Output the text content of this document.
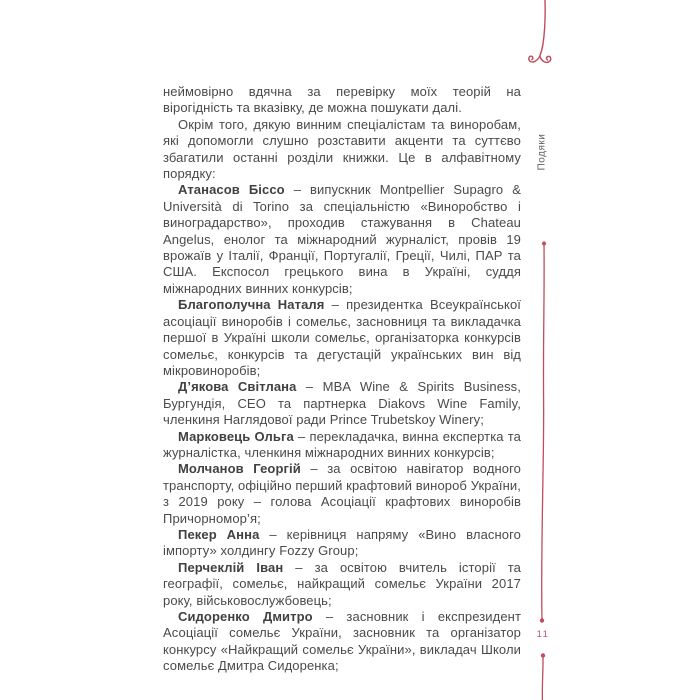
Подяки

неймовірно вдячна за перевірку моїх теорій на вірогідність та вказівку, де можна пошукати далі.

Окрім того, дякую винним спеціалістам та виноробам, які допомогли слушно розставити акценти та суттєво збагатили останні розділи книжки. Це в алфавітному порядку:

Атанасов Біссо – випускник Montpellier Supagro & Università di Torino за спеціальністю «Виноробство і виноградарство», проходив стажування в Chateau Angelus, енолог та міжнародний журналіст, провів 19 врожаїв у Італії, Франції, Португалії, Греції, Чилі, ПАР та США. Експосол грецького вина в Україні, суддя міжнародних винних конкурсів;

Благополучна Наталя – президентка Всеукраїнської асоціації виноробів і сомельє, засновниця та викладачка першої в Україні школи сомельє, організаторка конкурсів сомельє, конкурсів та дегустацій українських вин від мікровиноробів;

Д’якова Світлана – MBA Wine & Spirits Business, Бургундія, CEO та партнерка Diakovs Wine Family, членкиня Наглядової ради Prince Trubetskoy Winery;

Марковець Ольга – перекладачка, винна експертка та журналістка, членкиня міжнародних винних конкурсів;

Молчанов Георгій – за освітою навігатор водного транспорту, офіційно перший крафтовий винороб України, з 2019 року – голова Асоціації крафтових виноробів Причорномор’я;

Пекер Анна – керівниця напряму «Вино власного імпорту» холдингу Fozzy Group;

Перчеклій Іван – за освітою вчитель історії та географії, сомельє, найкращий сомельє України 2017 року, військовослужбовець;

Сидоренко Дмитро – засновник і експрезидент Асоціації сомельє України, засновник та організатор конкурсу «Найкращий сомельє України», викладач Школи сомельє Дмитра Сидоренка;

11
